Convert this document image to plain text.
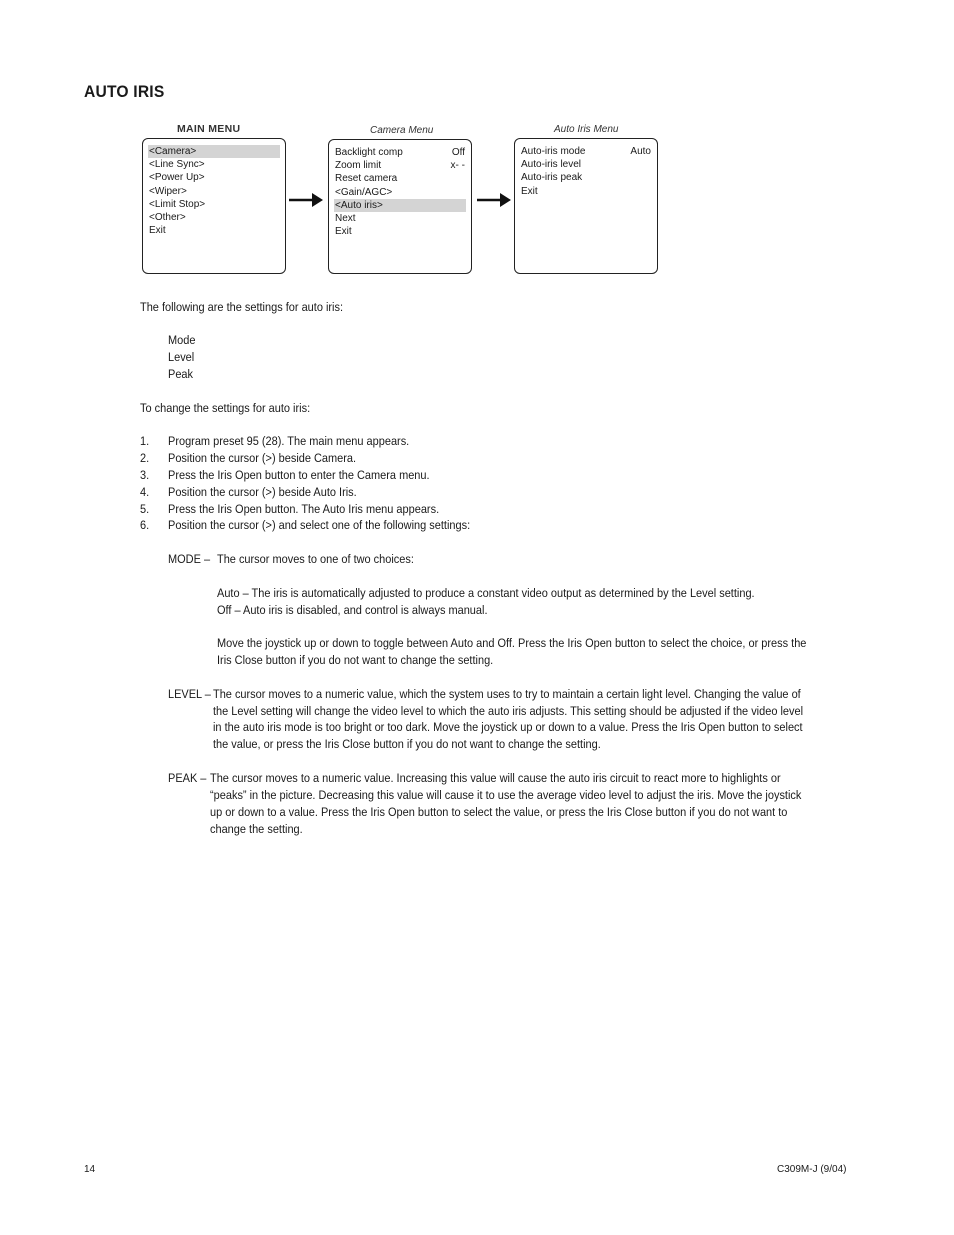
AUTO IRIS
MAIN MENU	Camera Menu	Auto Iris Menu
<Camera>
<Line Sync>
<Power Up>
<Wiper>
<Limit Stop>
<Other>
Exit
Backlight comp	Off
Zoom limit	x- -
Reset camera
<Gain/AGC>
<Auto iris>
Next
Exit
Auto-iris mode	Auto
Auto-iris level
Auto-iris peak
Exit
The following are the settings for auto iris:
Mode
Level
Peak
To change the settings for auto iris:
1. Program preset 95 (28). The main menu appears.
2. Position the cursor (>) beside Camera.
3. Press the Iris Open button to enter the Camera menu.
4. Position the cursor (>) beside Auto Iris.
5. Press the Iris Open button. The Auto Iris menu appears.
6. Position the cursor (>) and select one of the following settings:
MODE – The cursor moves to one of two choices:
Auto – The iris is automatically adjusted to produce a constant video output as determined by the Level setting.
Off – Auto iris is disabled, and control is always manual.
Move the joystick up or down to toggle between Auto and Off. Press the Iris Open button to select the choice, or press the
Iris Close button if you do not want to change the setting.
LEVEL – The cursor moves to a numeric value, which the system uses to try to maintain a certain light level. Changing the value of
the Level setting will change the video level to which the auto iris adjusts. This setting should be adjusted if the video level
in the auto iris mode is too bright or too dark. Move the joystick up or down to a value. Press the Iris Open button to select
the value, or press the Iris Close button if you do not want to change the setting.
PEAK – The cursor moves to a numeric value. Increasing this value will cause the auto iris circuit to react more to highlights or
“peaks” in the picture. Decreasing this value will cause it to use the average video level to adjust the iris. Move the joystick
up or down to a value. Press the Iris Open button to select the value, or press the Iris Close button if you do not want to
change the setting.
14	C309M-J (9/04)
